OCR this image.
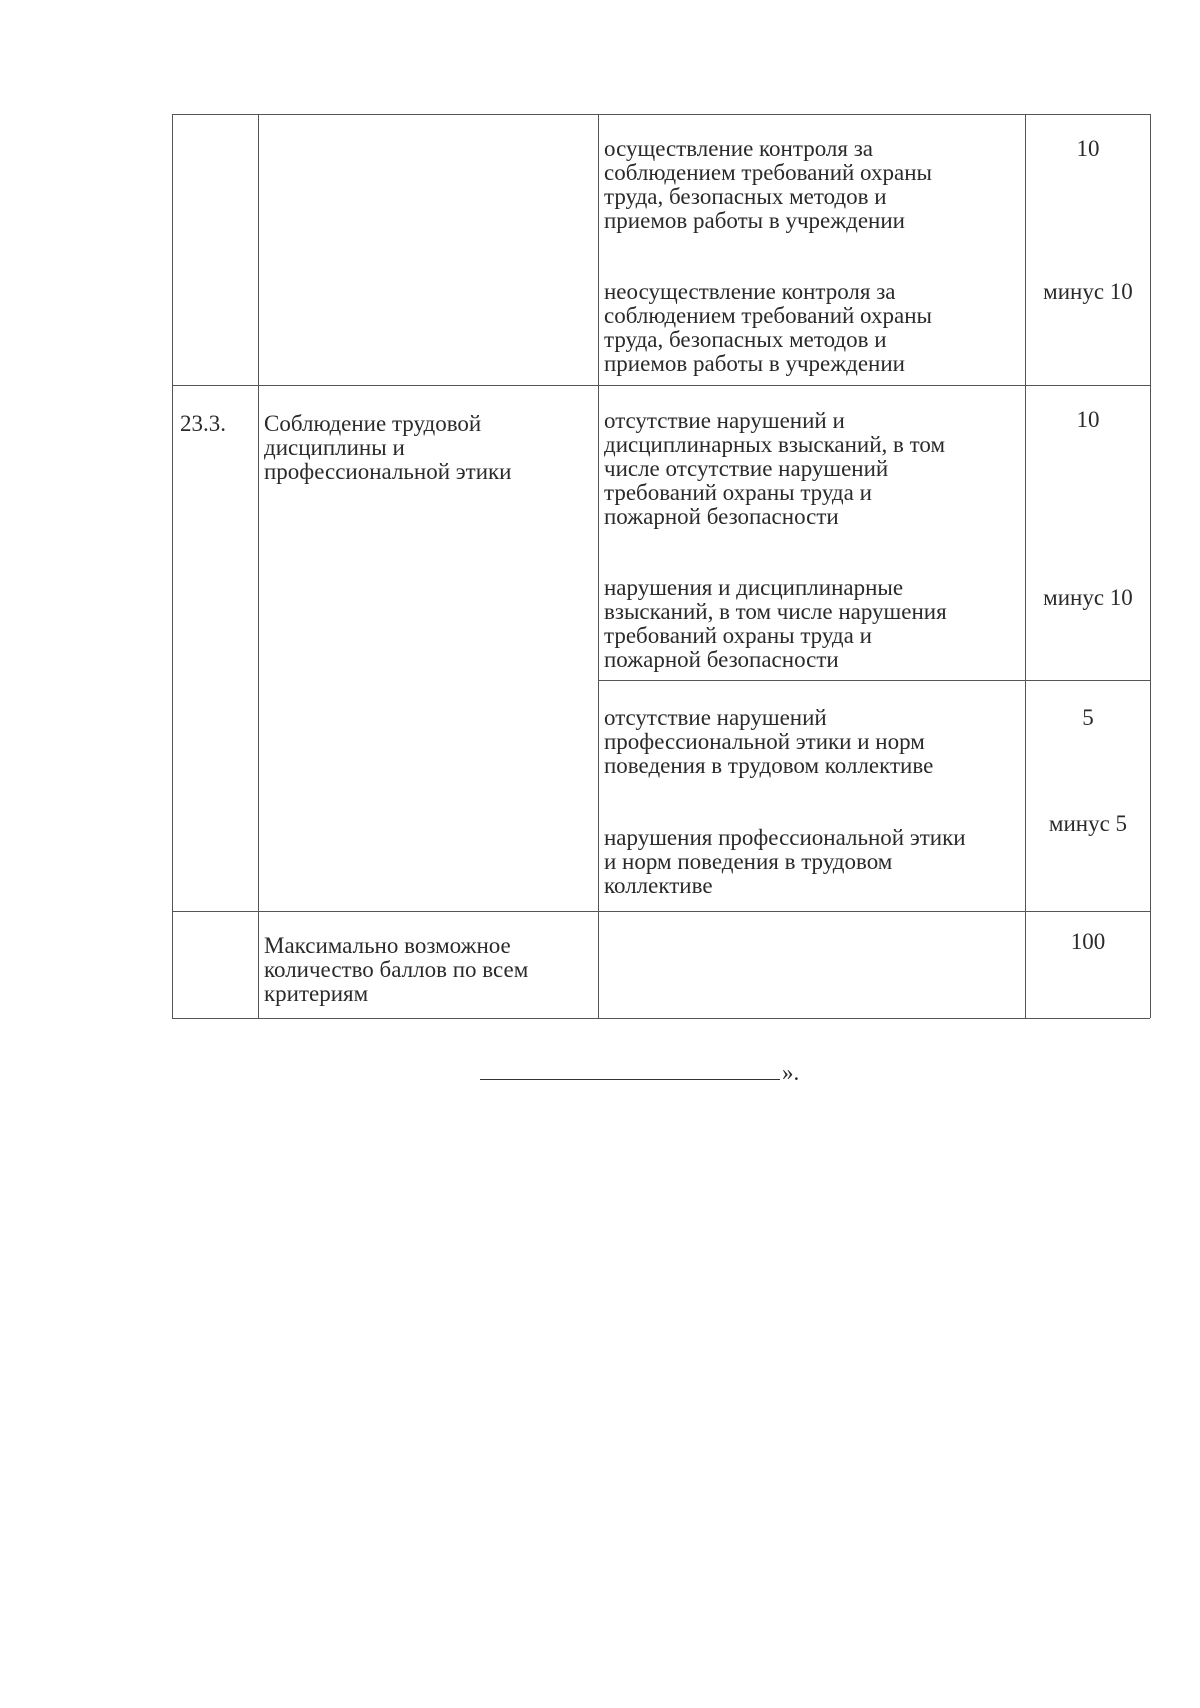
осуществление контроля за
соблюдением требований охраны
труда, безопасных методов и
приемов работы в учреждении
10
неосуществление контроля за
соблюдением требований охраны
труда, безопасных методов и
приемов работы в учреждении
минус 10
23.3.	Соблюдение трудовой
дисциплины и
профессиональной этики
отсутствие нарушений и
дисциплинарных взысканий, в том
числе отсутствие нарушений
требований охраны труда и
пожарной безопасности
10
нарушения и дисциплинарные
взысканий, в том числе нарушения
требований охраны труда и
пожарной безопасности
минус 10
отсутствие нарушений
профессиональной этики и норм
поведения в трудовом коллективе
5
нарушения профессиональной этики
и норм поведения в трудовом
коллективе
минус 5
Максимально возможное
количество баллов по всем
критериям
100
».
